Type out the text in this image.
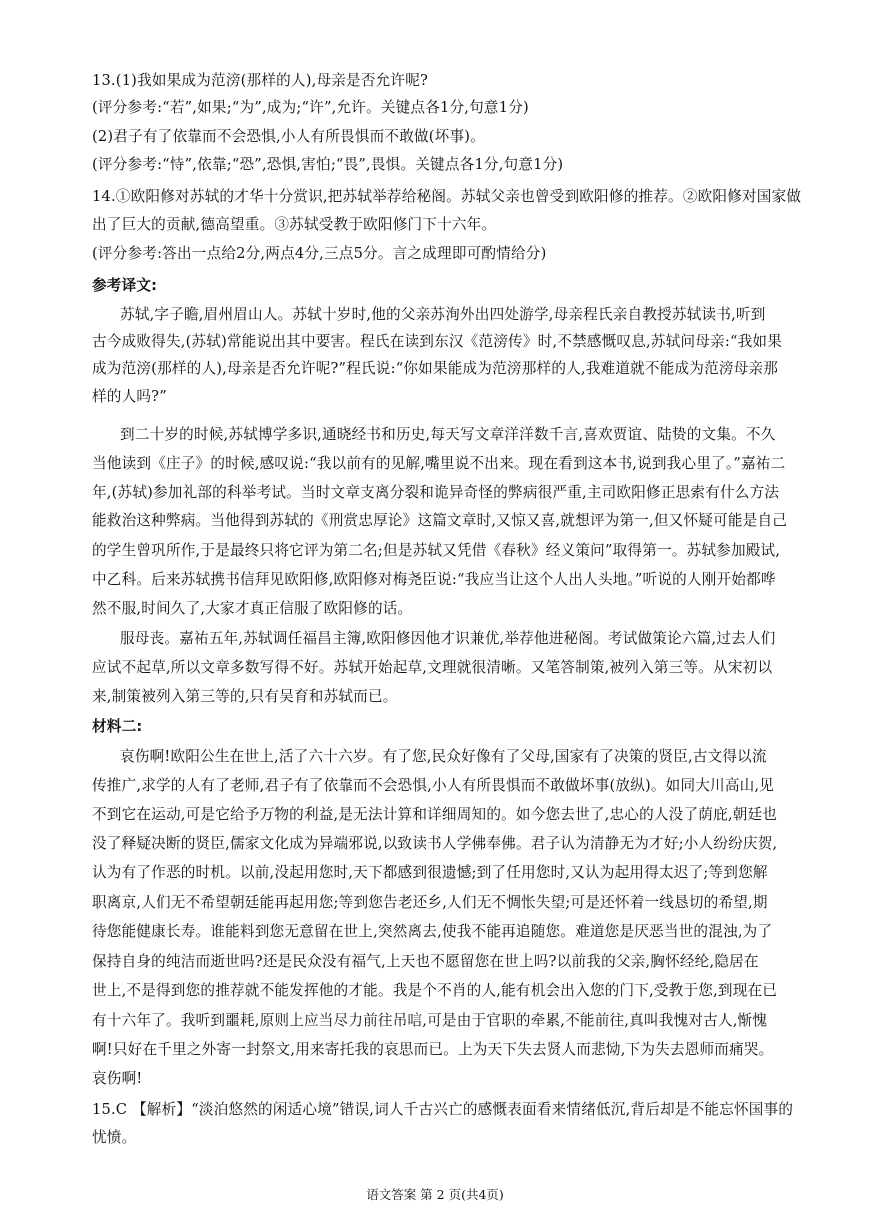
13.(1)我如果成为范滂(那样的人),母亲是否允许呢?
(评分参考:“若”,如果;“为”,成为;“许”,允许。关键点各1分,句意1分)
(2)君子有了依靠而不会恐惧,小人有所畏惧而不敢做(坏事)。
(评分参考:“恃”,依靠;“恐”,恐惧,害怕;“畏”,畏惧。关键点各1分,句意1分)
14.①欧阳修对苏轼的才华十分赏识,把苏轼举荐给秘阁。苏轼父亲也曾受到欧阳修的推荐。②欧阳修对国家做
出了巨大的贡献,德高望重。③苏轼受教于欧阳修门下十六年。
(评分参考:答出一点给2分,两点4分,三点5分。言之成理即可酌情给分)
参考译文:
苏轼,字子瞻,眉州眉山人。苏轼十岁时,他的父亲苏洵外出四处游学,母亲程氏亲自教授苏轼读书,听到
古今成败得失,(苏轼)常能说出其中要害。程氏在读到东汉《范滂传》时,不禁感慨叹息,苏轼问母亲:“我如果
成为范滂(那样的人),母亲是否允许呢?”程氏说:“你如果能成为范滂那样的人,我难道就不能成为范滂母亲那
样的人吗?”
到二十岁的时候,苏轼博学多识,通晓经书和历史,每天写文章洋洋数千言,喜欢贾谊、陆贽的文集。不久
当他读到《庄子》的时候,感叹说:“我以前有的见解,嘴里说不出来。现在看到这本书,说到我心里了。”嘉祐二
年,(苏轼)参加礼部的科举考试。当时文章支离分裂和诡异奇怪的弊病很严重,主司欧阳修正思索有什么方法
能救治这种弊病。当他得到苏轼的《刑赏忠厚论》这篇文章时,又惊又喜,就想评为第一,但又怀疑可能是自己
的学生曾巩所作,于是最终只将它评为第二名;但是苏轼又凭借《春秋》经义策问”取得第一。苏轼参加殿试,
中乙科。后来苏轼携书信拜见欧阳修,欧阳修对梅尧臣说:“我应当让这个人出人头地。”听说的人刚开始都哗
然不服,时间久了,大家才真正信服了欧阳修的话。
服母丧。嘉祐五年,苏轼调任福昌主簿,欧阳修因他才识兼优,举荐他进秘阁。考试做策论六篇,过去人们
应试不起草,所以文章多数写得不好。苏轼开始起草,文理就很清晰。又笔答制策,被列入第三等。从宋初以
来,制策被列入第三等的,只有吴育和苏轼而已。
材料二:
哀伤啊!欧阳公生在世上,活了六十六岁。有了您,民众好像有了父母,国家有了决策的贤臣,古文得以流
传推广,求学的人有了老师,君子有了依靠而不会恐惧,小人有所畏惧而不敢做坏事(放纵)。如同大川高山,见
不到它在运动,可是它给予万物的利益,是无法计算和详细周知的。如今您去世了,忠心的人没了荫庇,朝廷也
没了释疑决断的贤臣,儒家文化成为异端邪说,以致读书人学佛奉佛。君子认为清静无为才好;小人纷纷庆贺,
认为有了作恶的时机。以前,没起用您时,天下都感到很遗憾;到了任用您时,又认为起用得太迟了;等到您解
职离京,人们无不希望朝廷能再起用您;等到您告老还乡,人们无不惆怅失望;可是还怀着一线恳切的希望,期
待您能健康长寿。谁能料到您无意留在世上,突然离去,使我不能再追随您。难道您是厌恶当世的混浊,为了
保持自身的纯洁而逝世吗?还是民众没有福气,上天也不愿留您在世上吗?以前我的父亲,胸怀经纶,隐居在
世上,不是得到您的推荐就不能发挥他的才能。我是个不肖的人,能有机会出入您的门下,受教于您,到现在已
有十六年了。我听到噩耗,原则上应当尽力前往吊唁,可是由于官职的牵累,不能前往,真叫我愧对古人,惭愧
啊!只好在千里之外寄一封祭文,用来寄托我的哀思而已。上为天下失去贤人而悲恸,下为失去恩师而痛哭。
哀伤啊!
15.C 【解析】“淡泊悠然的闲适心境”错误,词人千古兴亡的感慨表面看来情绪低沉,背后却是不能忘怀国事的
忧愤。
语文答案 第 2 页(共4页)
